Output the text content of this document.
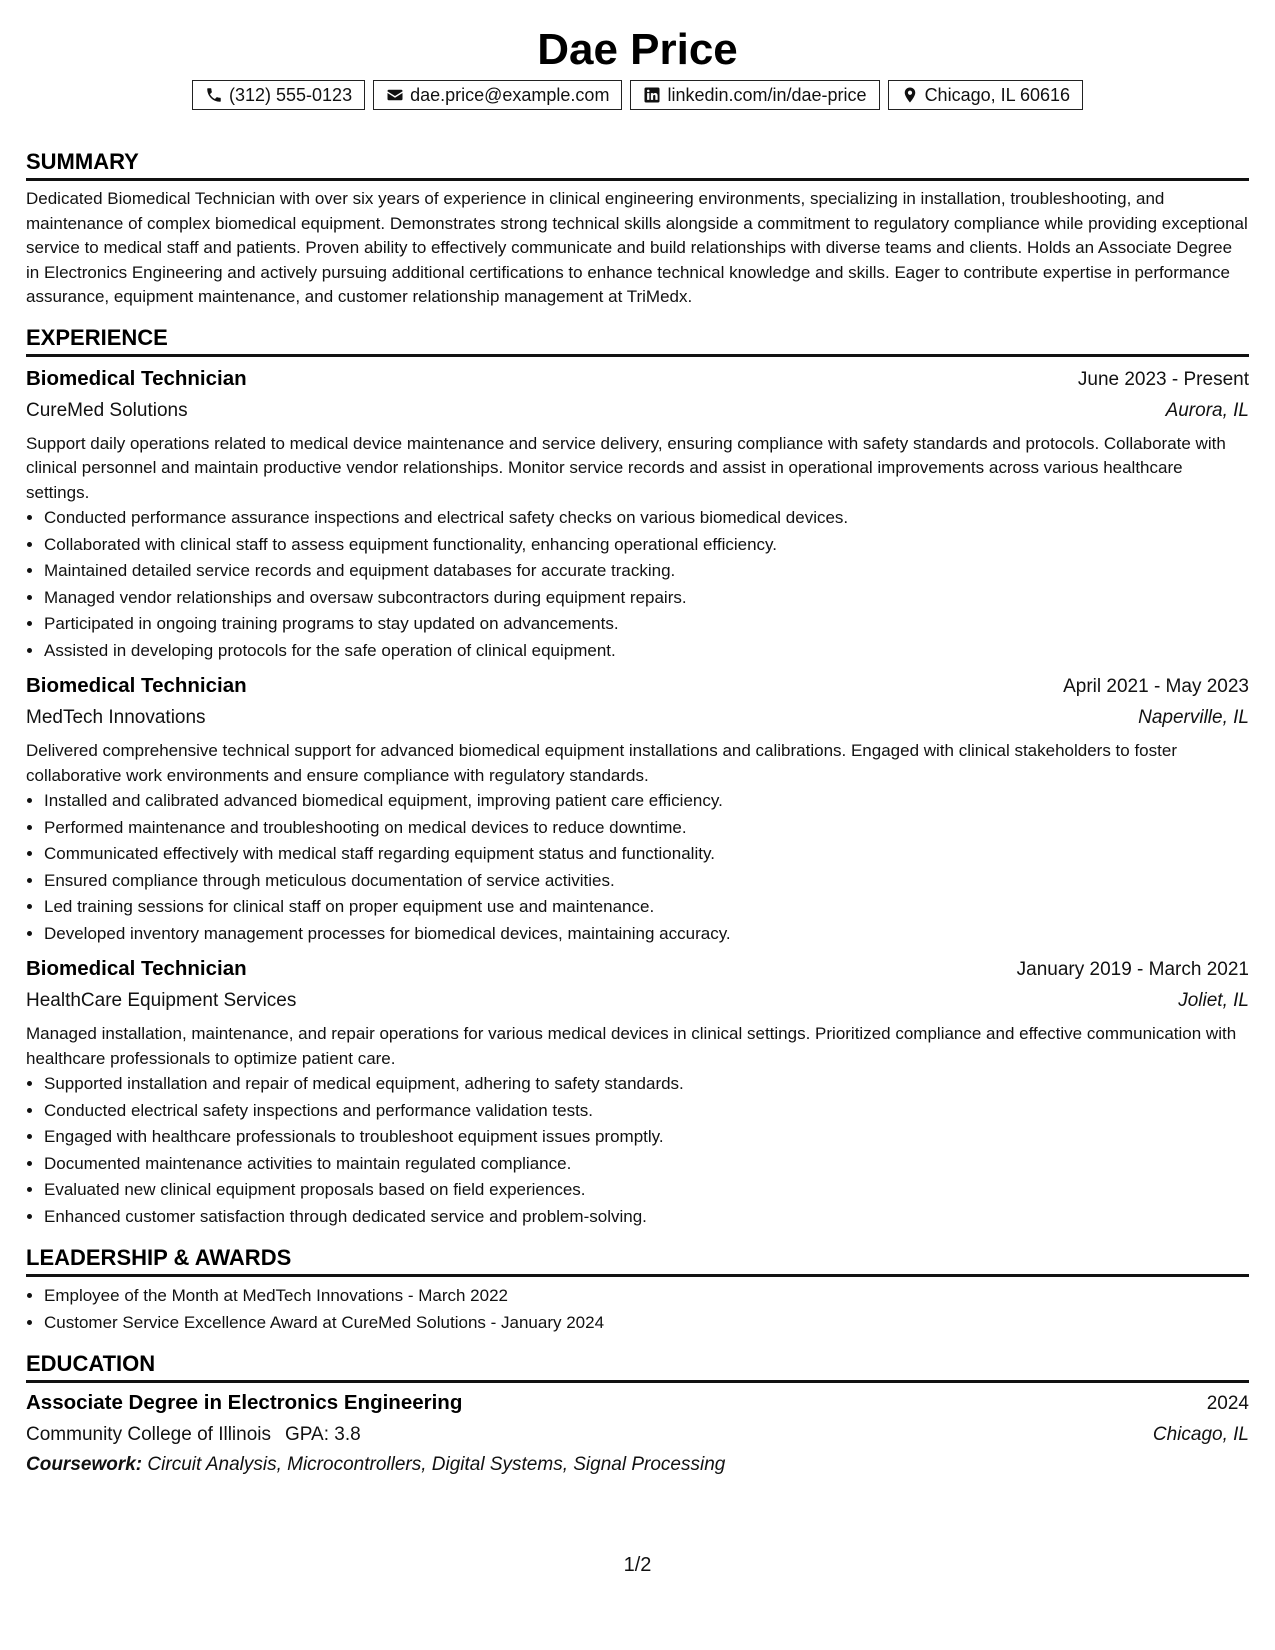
Dae Price
(312) 555-0123	dae.price@example.com	linkedin.com/in/dae-price	Chicago, IL 60616
SUMMARY
Dedicated Biomedical Technician with over six years of experience in clinical engineering environments, specializing in installation, troubleshooting, and maintenance of complex biomedical equipment. Demonstrates strong technical skills alongside a commitment to regulatory compliance while providing exceptional service to medical staff and patients. Proven ability to effectively communicate and build relationships with diverse teams and clients. Holds an Associate Degree in Electronics Engineering and actively pursuing additional certifications to enhance technical knowledge and skills. Eager to contribute expertise in performance assurance, equipment maintenance, and customer relationship management at TriMedx.
EXPERIENCE
Biomedical Technician	June 2023 - Present
CureMed Solutions	Aurora, IL
Support daily operations related to medical device maintenance and service delivery, ensuring compliance with safety standards and protocols. Collaborate with clinical personnel and maintain productive vendor relationships. Monitor service records and assist in operational improvements across various healthcare settings.
• Conducted performance assurance inspections and electrical safety checks on various biomedical devices.
• Collaborated with clinical staff to assess equipment functionality, enhancing operational efficiency.
• Maintained detailed service records and equipment databases for accurate tracking.
• Managed vendor relationships and oversaw subcontractors during equipment repairs.
• Participated in ongoing training programs to stay updated on advancements.
• Assisted in developing protocols for the safe operation of clinical equipment.
Biomedical Technician	April 2021 - May 2023
MedTech Innovations	Naperville, IL
Delivered comprehensive technical support for advanced biomedical equipment installations and calibrations. Engaged with clinical stakeholders to foster collaborative work environments and ensure compliance with regulatory standards.
• Installed and calibrated advanced biomedical equipment, improving patient care efficiency.
• Performed maintenance and troubleshooting on medical devices to reduce downtime.
• Communicated effectively with medical staff regarding equipment status and functionality.
• Ensured compliance through meticulous documentation of service activities.
• Led training sessions for clinical staff on proper equipment use and maintenance.
• Developed inventory management processes for biomedical devices, maintaining accuracy.
Biomedical Technician	January 2019 - March 2021
HealthCare Equipment Services	Joliet, IL
Managed installation, maintenance, and repair operations for various medical devices in clinical settings. Prioritized compliance and effective communication with healthcare professionals to optimize patient care.
• Supported installation and repair of medical equipment, adhering to safety standards.
• Conducted electrical safety inspections and performance validation tests.
• Engaged with healthcare professionals to troubleshoot equipment issues promptly.
• Documented maintenance activities to maintain regulated compliance.
• Evaluated new clinical equipment proposals based on field experiences.
• Enhanced customer satisfaction through dedicated service and problem-solving.
LEADERSHIP & AWARDS
• Employee of the Month at MedTech Innovations - March 2022
• Customer Service Excellence Award at CureMed Solutions - January 2024
EDUCATION
Associate Degree in Electronics Engineering	2024
Community College of Illinois GPA: 3.8	Chicago, IL
Coursework: Circuit Analysis, Microcontrollers, Digital Systems, Signal Processing
1/2
